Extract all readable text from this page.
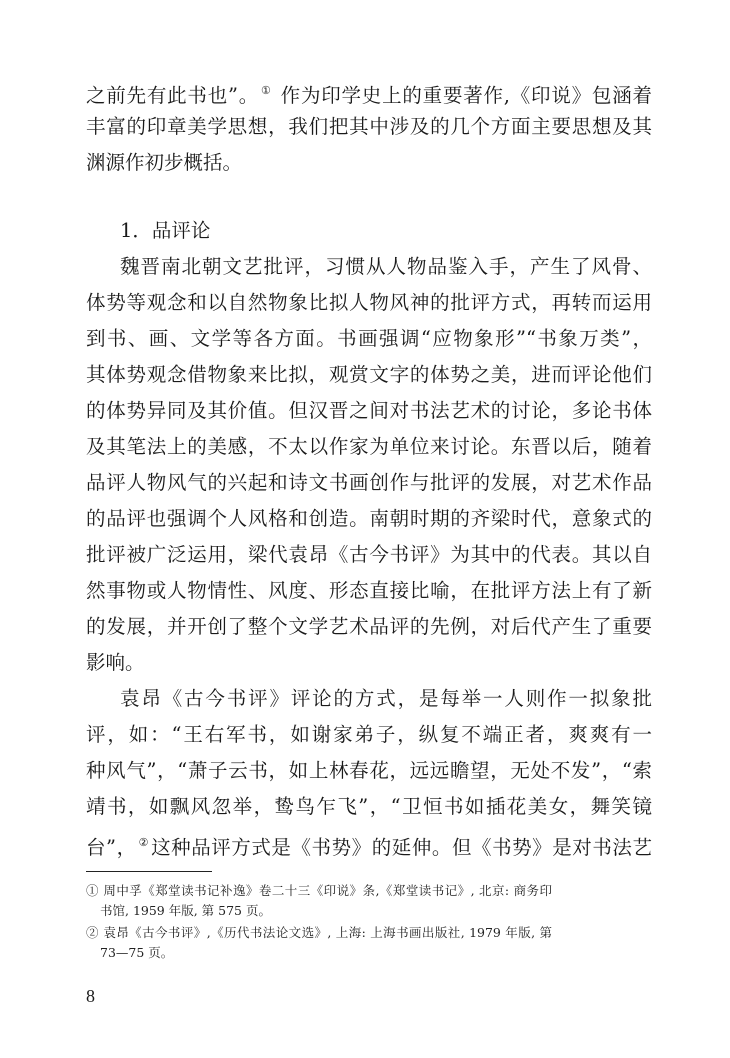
之前先有此书也”。 ① 作为印学史上的重要著作,《印说》包涵着
丰富的印章美学思想，我们把其中涉及的几个方面主要思想及其
渊源作初步概括。
1．品评论
魏晋南北朝文艺批评，习惯从人物品鉴入手，产生了风骨、
体势等观念和以自然物象比拟人物风神的批评方式，再转而运用
到书、画、文学等各方面。书画强调“应物象形”“书象万类”，
其体势观念借物象来比拟，观赏文字的体势之美，进而评论他们
的体势异同及其价值。但汉晋之间对书法艺术的讨论，多论书体
及其笔法上的美感，不太以作家为单位来讨论。东晋以后，随着
品评人物风气的兴起和诗文书画创作与批评的发展，对艺术作品
的品评也强调个人风格和创造。南朝时期的齐梁时代，意象式的
批评被广泛运用，梁代袁昂《古今书评》为其中的代表。其以自
然事物或人物情性、风度、形态直接比喻，在批评方法上有了新
的发展，并开创了整个文学艺术品评的先例，对后代产生了重要
影响。
袁昂《古今书评》评论的方式，是每举一人则作一拟象批
评，如：“王右军书，如谢家弟子，纵复不端正者，爽爽有一
种风气”，“萧子云书，如上林春花，远远瞻望，无处不发”，“索
靖书，如飘风忽举，鸷鸟乍飞”，“卫恒书如插花美女，舞笑镜
台”， ② 这种品评方式是《书势》的延伸。但《书势》是对书法艺
① 周中孚《郑堂读书记补逸》卷二十三《印说》条,《郑堂读书记》, 北京: 商务印
书馆, 1959 年版, 第 575 页。
② 袁昂《古今书评》,《历代书法论文选》, 上海: 上海书画出版社, 1979 年版, 第
73—75 页。
8
